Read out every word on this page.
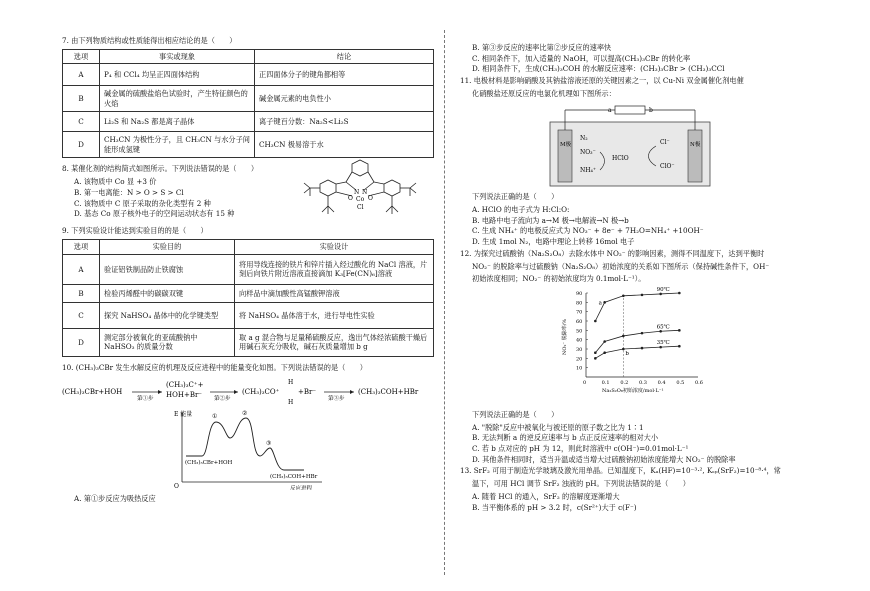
7. 由下列物质结构或性质能得出相应结论的是（　　）
选项	事实或现象	结论
A	P₄ 和 CCl₄ 均呈正四面体结构	正四面体分子的键角都相等
B	碱金属的硫酸盐焰色试验时，产生特征颜色的火焰	碱金属元素的电负性小
C	Li₂S 和 Na₂S 都是离子晶体	离子键百分数：Na₂S<Li₂S
D	CH₃CN 为极性分子，且 CH₃CN 与水分子间能形成氢键	CH₃CN 极易溶于水
8. 某催化剂的结构简式如图所示。下列说法错误的是（　　）
A. 该物质中 Co 显 +3 价
B. 第一电离能：N > O > S > Cl
C. 该物质中 C 原子采取的杂化类型有 2 种
D. 基态 Co 原子核外电子的空间运动状态有 15 种
N N
Co
O	O
Cl
9. 下列实验设计能达到实验目的的是（　　）
选项	实验目的	实验设计
A	验证铝铁制品防止铁腐蚀	将用导线连接的铁片和锌片插入经过酸化的 NaCl 溶液，片刻后向铁片附近溶液直接滴加 K₃[Fe(CN)₆]溶液
B	检验丙烯醛中的碳碳双键	向样品中滴加酸性高锰酸钾溶液
C	探究 NaHSO₄ 晶体中的化学键类型	将 NaHSO₄ 晶体溶于水，进行导电性实验
D	测定部分被氧化的亚硫酸钠中 NaHSO₃ 的质量分数	取 a g 混合物与足量稀硫酸反应，逸出气体经浓硫酸干燥后用碱石灰充分吸收，碱石灰质量增加 b g
10. (CH₃)₃CBr 发生水解反应的机理及反应进程中的能量变化如图。下列说法错误的是（　　）
(CH₃)₃CBr+HOH
第①步
(CH₃)₃C⁺+
HOH+Br⁻ 第②步
(CH₃)₃CO⁺
H
H
+Br⁻
第③步
(CH₃)₃COH+HBr

E 能量
O	反应进程
①	②
③
(CH₃)₃CBr+HOH
(CH₃)₃COH+HBr
A. 第①步反应为吸热反应
B. 第③步反应的速率比第②步反应的速率快
C. 相同条件下，加入适量的 NaOH，可以提高(CH₃)₃CBr 的转化率
D. 相同条件下，生成(CH₃)₃COH 的水解反应速率：(CH₃)₃CBr > (CH₃)₃CCl
11. 电极材料是影响硝酸及其钠盐溶液还原的关键因素之一，以 Cu-Ni 双金属催化剂电催
化硝酸盐还原反应的电氯化机理如下图所示：
a	b
M极	N极
N₂
NO₃⁻
NH₄⁺
HClO
Cl⁻
ClO⁻
下列说法正确的是（　　）
A. HClO 的电子式为 H:Cl:O:
B. 电路中电子流向为 a→M 极→电解液→N 极→b
C. 生成 NH₄⁺ 的电极反应式为 NO₃⁻ + 8e⁻ + 7H₂O=NH₄⁺ +10OH⁻
D. 生成 1mol N₂，电路中理论上转移 16mol 电子
12. 为探究过硫酸钠（Na₂S₂O₈）去除水体中 NO₂⁻ 的影响因素，测得不同温度下，达到平衡时
NO₂⁻ 的脱除率与过硫酸钠（Na₂S₂O₈）初始浓度的关系如下图所示（保持碱性条件下，OH⁻
初始浓度相同；NO₂⁻ 的初始浓度均为 0.1mol·L⁻¹）。
10
20
30
40
50
60
70
80
90
0	0.1 0.2 0.3 0.4 0.5 0.6
Na₂S₂O₈初始浓度/mol·L⁻¹
NO₂⁻ 脱除率/%
90℃
65℃
35℃
a
b
下列说法正确的是（　　）
A. "脱除"反应中被氧化与被还原的原子数之比为 1∶1
B. 无法判断 a 的逆反应速率与 b 点正反应速率的相对大小
C. 若 b 点对应的 pH 为 12，则此时溶液中 c(OH⁻)=0.01mol·L⁻¹
D. 其他条件相同时，适当升温或适当增大过硫酸钠初始浓度能增大 NO₂⁻ 的脱除率
13. SrF₂ 可用于制造光学玻璃及激光用单晶。已知温度下，Kₐ(HF)=10⁻³·², Kₛₚ(SrF₂)=10⁻⁸·⁴，常
温下，可用 HCl 调节 SrF₂ 浊液的 pH。下列说法错误的是（　　）
A. 随着 HCl 的通入，SrF₂ 的溶解度逐渐增大
B. 当平衡体系的 pH > 3.2 时，c(Sr²⁺)大于 c(F⁻)
